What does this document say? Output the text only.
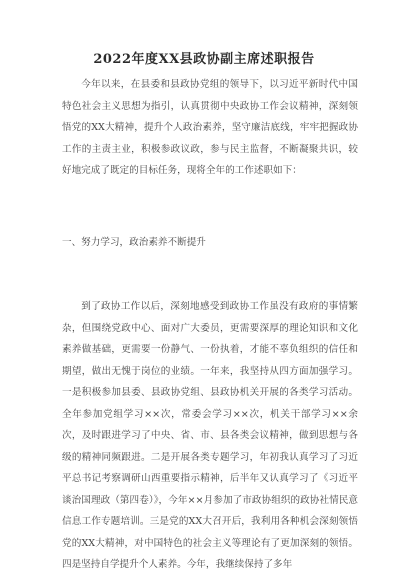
2022年度XX县政协副主席述职报告

今年以来，在县委和县政协党组的领导下，以习近平新时代中国特色社会主义思想为指引，认真贯彻中央政协工作会议精神，深刻领悟党的XX大精神，提升个人政治素养，坚守廉洁底线，牢牢把握政协工作的主责主业，积极参政议政，参与民主监督，不断凝聚共识，较好地完成了既定的目标任务，现将全年的工作述职如下：

一、努力学习，政治素养不断提升

到了政协工作以后，深刻地感受到政协工作虽没有政府的事情繁杂，但围绕党政中心、面对广大委员，更需要深厚的理论知识和文化素养做基础，更需要一份静气、一份执着，才能不辜负组织的信任和期望，做出无愧于岗位的业绩。一年来，我坚持从四方面加强学习。一是积极参加县委、县政协党组、县政协机关开展的各类学习活动。全年参加党组学习××次，常委会学习××次，机关干部学习××余次，及时跟进学习了中央、省、市、县各类会议精神，做到思想与各级的精神同频跟进。二是开展各类专题学习，年初我认真学习了习近平总书记考察调研山西重要指示精神，后半年又认真学习了《习近平谈治国理政（第四卷）》，今年××月参加了市政协组织的政协社情民意信息工作专题培训。三是党的XX大召开后，我利用各种机会深刻领悟党的XX大精神，对中国特色的社会主义等理论有了更加深刻的领悟。四是坚持自学提升个人素养。今年，我继续保持了多年
